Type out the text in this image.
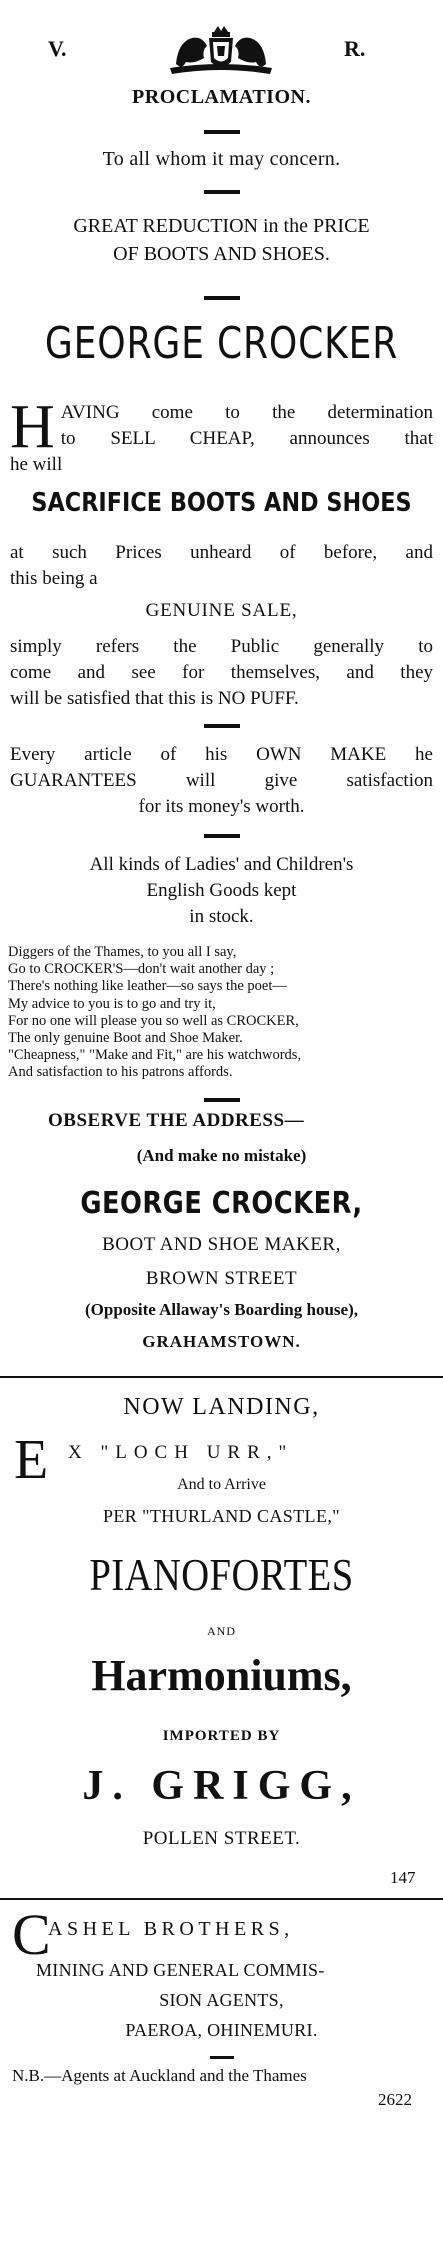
V.	R.
PROCLAMATION.
To all whom it may concern.
GREAT REDUCTION in the PRICE
OF BOOTS AND SHOES.
GEORGE CROCKER
H AVING come to the determination
to SELL CHEAP, announces that
he will
SACRIFICE BOOTS AND SHOES
at such Prices unheard of before, and
this being a
GENUINE SALE,
simply refers the Public generally to
come and see for themselves, and they
will be satisfied that this is NO PUFF.
Every article of his OWN MAKE he
GUARANTEES will give satisfaction
for its money's worth.
All kinds of Ladies' and Children's
English Goods kept
in stock.
Diggers of the Thames, to you all I say,
Go to CROCKER'S—don't wait another day ;
There's nothing like leather—so says the poet—
My advice to you is to go and try it,
For no one will please you so well as CROCKER,
The only genuine Boot and Shoe Maker.
"Cheapness," "Make and Fit," are his watchwords,
And satisfaction to his patrons affords.
OBSERVE THE ADDRESS—
(And make no mistake)
GEORGE CROCKER,
BOOT AND SHOE MAKER,
BROWN STREET
(Opposite Allaway's Boarding house),
GRAHAMSTOWN.
NOW LANDING,
E X "LOCH URR,"
And to Arrive
PER "THURLAND CASTLE,"
PIANOFORTES
AND
Harmoniums,
IMPORTED BY
J. GRIGG,
POLLEN STREET.
147
C
ASHEL BROTHERS,
MINING AND GENERAL COMMIS-
SION AGENTS,
PAEROA, OHINEMURI.
N.B.—Agents at Auckland and the Thames
2622
